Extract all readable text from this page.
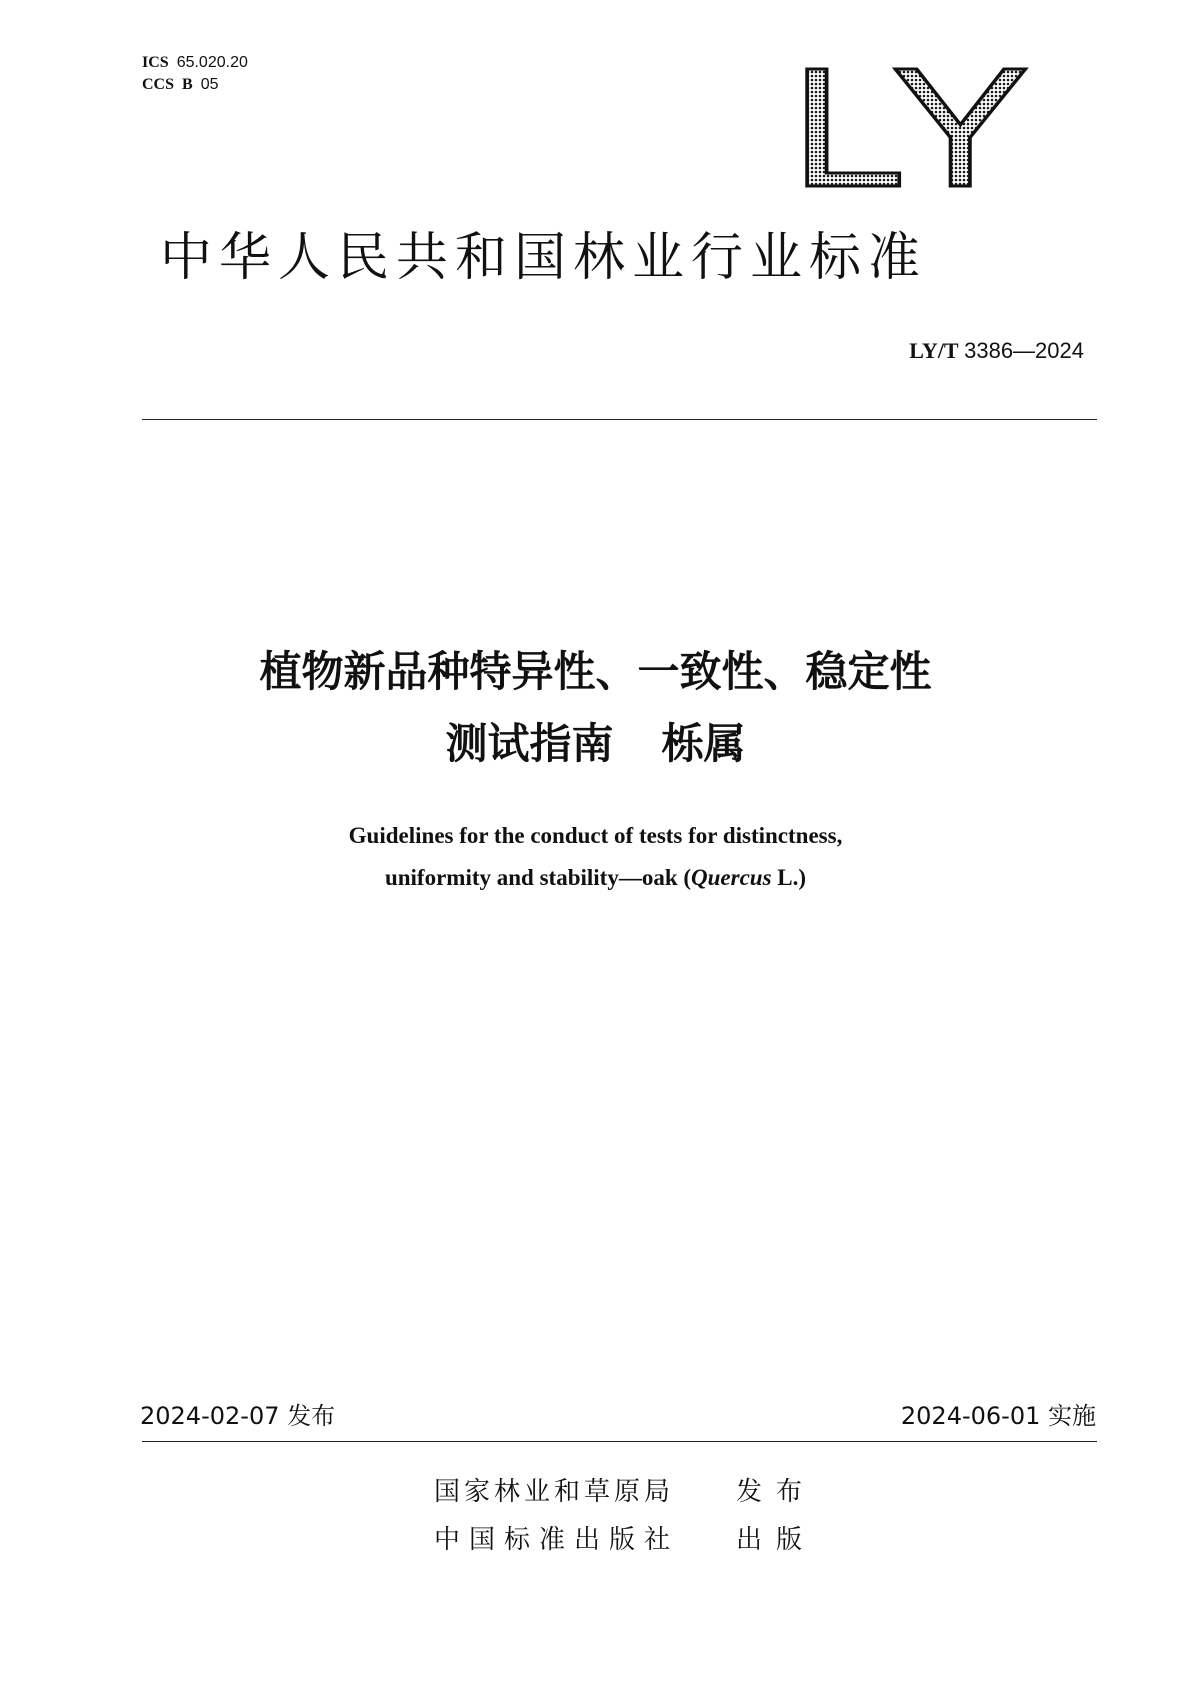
ICS 65.020.20
CCS B 05	LY
中华人民共和国林业行业标准
LY/T 3386—2024
植物新品种特异性、一致性、稳定性
测试指南 栎属
Guidelines for the conduct of tests for distinctness,
uniformity and stability—oak (Quercus L.)
2024-02-07 发布	2024-06-01 实施
国家林业和草原局 发布
中国标准出版社 出版
